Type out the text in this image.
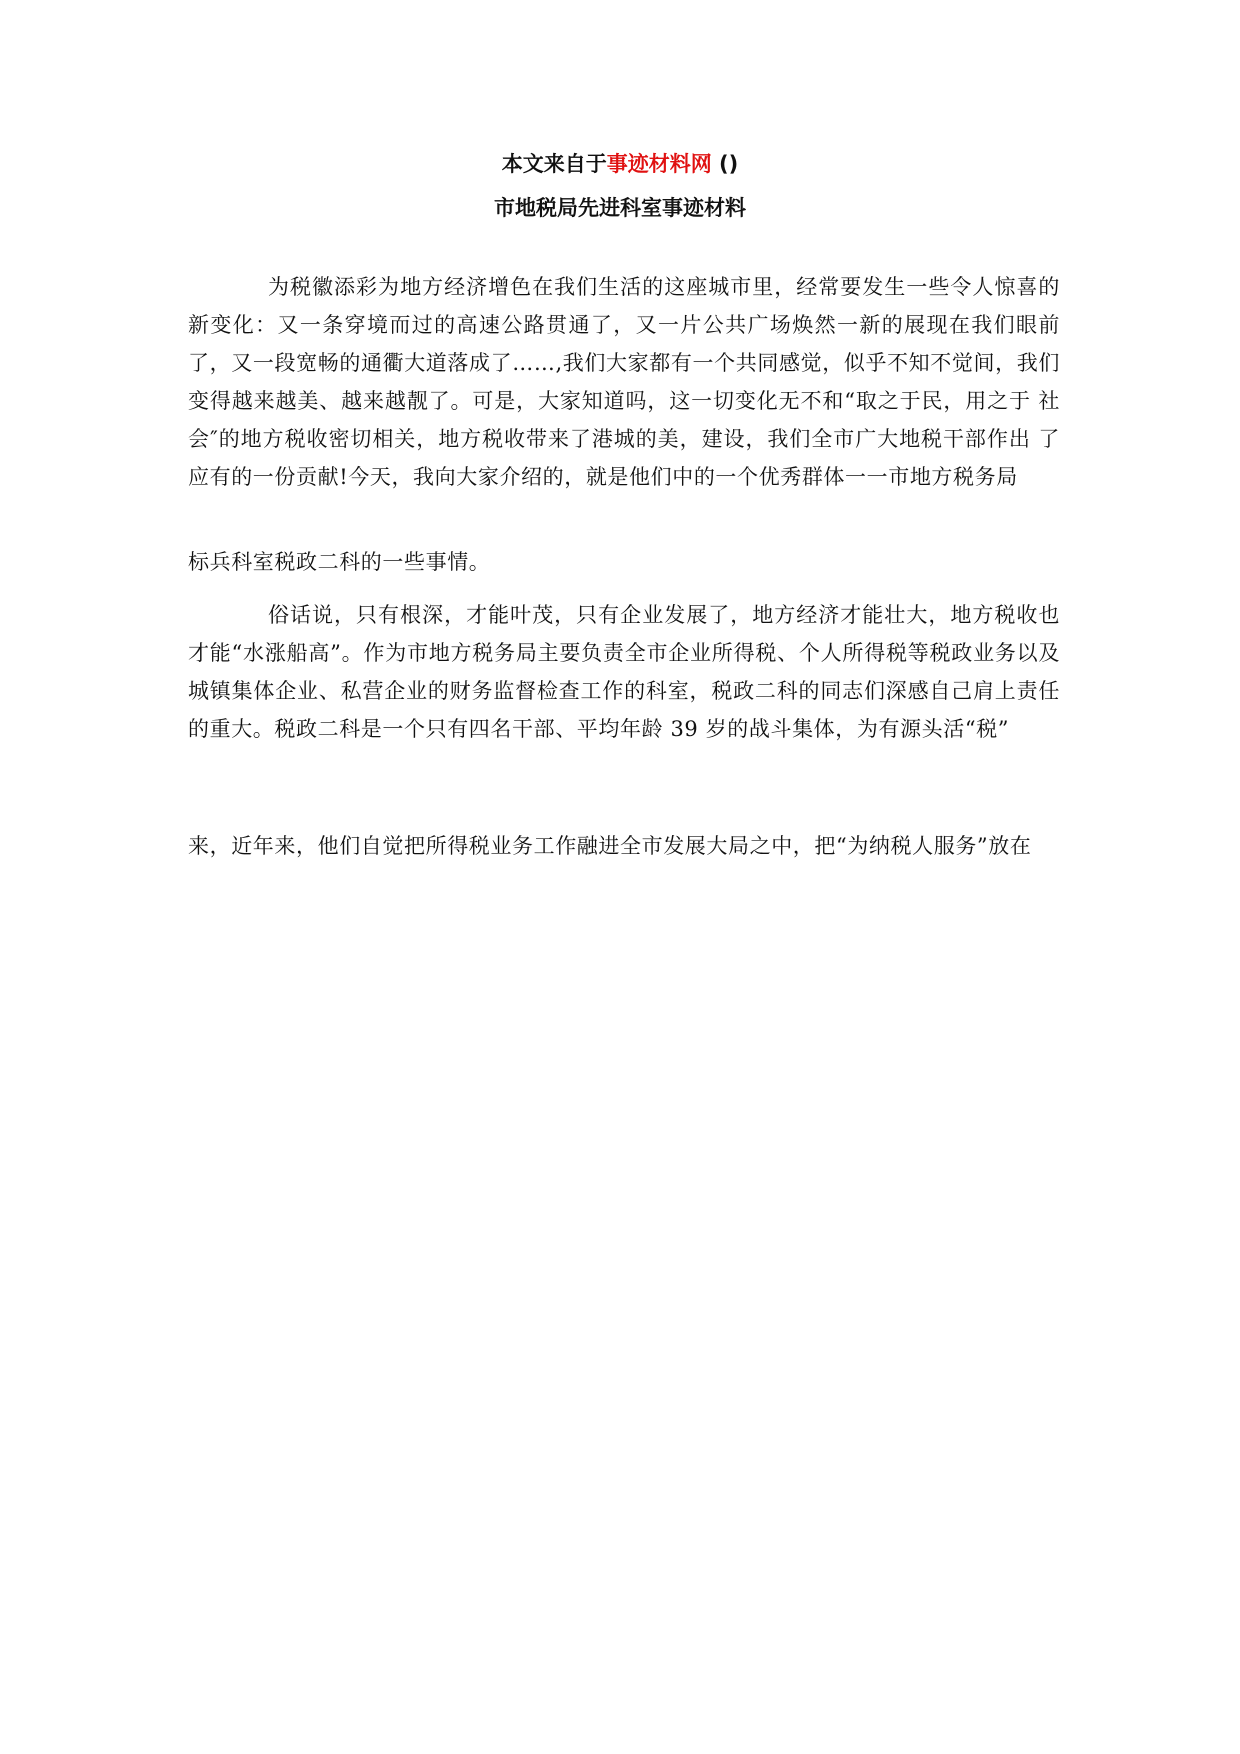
本文来自于事迹材料网 ()
市地税局先进科室事迹材料

为税徽添彩为地方经济增色在我们生活的这座城市里，经常要发生一些令人惊喜的新变化：又一条穿境而过的高速公路贯通了，又一片公共广场焕然一新的展现在我们眼前了，又一段宽畅的通衢大道落成了……,我们大家都有一个共同感觉，似乎不知不觉间，我们变得越来越美、越来越靓了。可是，大家知道吗，这一切变化无不和“取之于民，用之于 社会″的地方税收密切相关，地方税收带来了港城的美，建设，我们全市广大地税干部作出 了应有的一份贡献!今天，我向大家介绍的，就是他们中的一个优秀群体一一市地方税务局

标兵科室税政二科的一些事情。

俗话说，只有根深，才能叶茂，只有企业发展了，地方经济才能壮大，地方税收也才能“水涨船高”。作为市地方税务局主要负责全市企业所得税、个人所得税等税政业务以及城镇集体企业、私营企业的财务监督检查工作的科室，税政二科的同志们深感自己肩上责任的重大。税政二科是一个只有四名干部、平均年龄 39 岁的战斗集体，为有源头活“税”

来，近年来，他们自觉把所得税业务工作融进全市发展大局之中，把“为纳税人服务”放在
